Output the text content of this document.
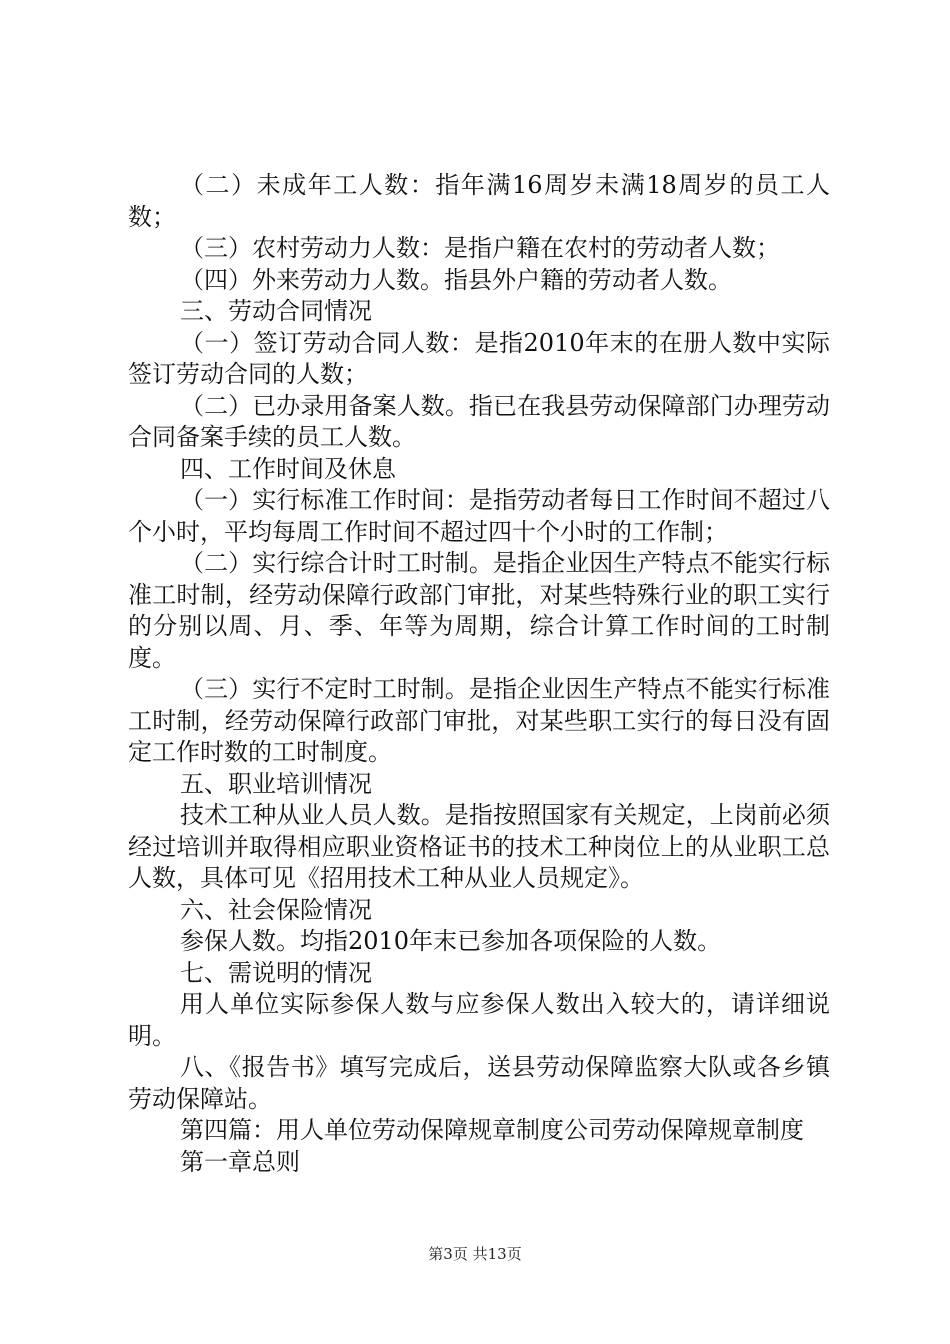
（二）未成年工人数：指年满16周岁未满18周岁的员工人数；

（三）农村劳动力人数：是指户籍在农村的劳动者人数；

（四）外来劳动力人数。指县外户籍的劳动者人数。

三、劳动合同情况

（一）签订劳动合同人数：是指2010年末的在册人数中实际签订劳动合同的人数；

（二）已办录用备案人数。指已在我县劳动保障部门办理劳动合同备案手续的员工人数。

四、工作时间及休息

（一）实行标准工作时间：是指劳动者每日工作时间不超过八个小时，平均每周工作时间不超过四十个小时的工作制；

（二）实行综合计时工时制。是指企业因生产特点不能实行标准工时制，经劳动保障行政部门审批，对某些特殊行业的职工实行的分别以周、月、季、年等为周期，综合计算工作时间的工时制度。

（三）实行不定时工时制。是指企业因生产特点不能实行标准工时制，经劳动保障行政部门审批，对某些职工实行的每日没有固定工作时数的工时制度。

五、职业培训情况

技术工种从业人员人数。是指按照国家有关规定，上岗前必须经过培训并取得相应职业资格证书的技术工种岗位上的从业职工总人数，具体可见《招用技术工种从业人员规定》。

六、社会保险情况

参保人数。均指2010年末已参加各项保险的人数。

七、需说明的情况

用人单位实际参保人数与应参保人数出入较大的，请详细说明。

八、《报告书》填写完成后，送县劳动保障监察大队或各乡镇劳动保障站。

第四篇：用人单位劳动保障规章制度公司劳动保障规章制度

第一章总则

第3页 共13页
